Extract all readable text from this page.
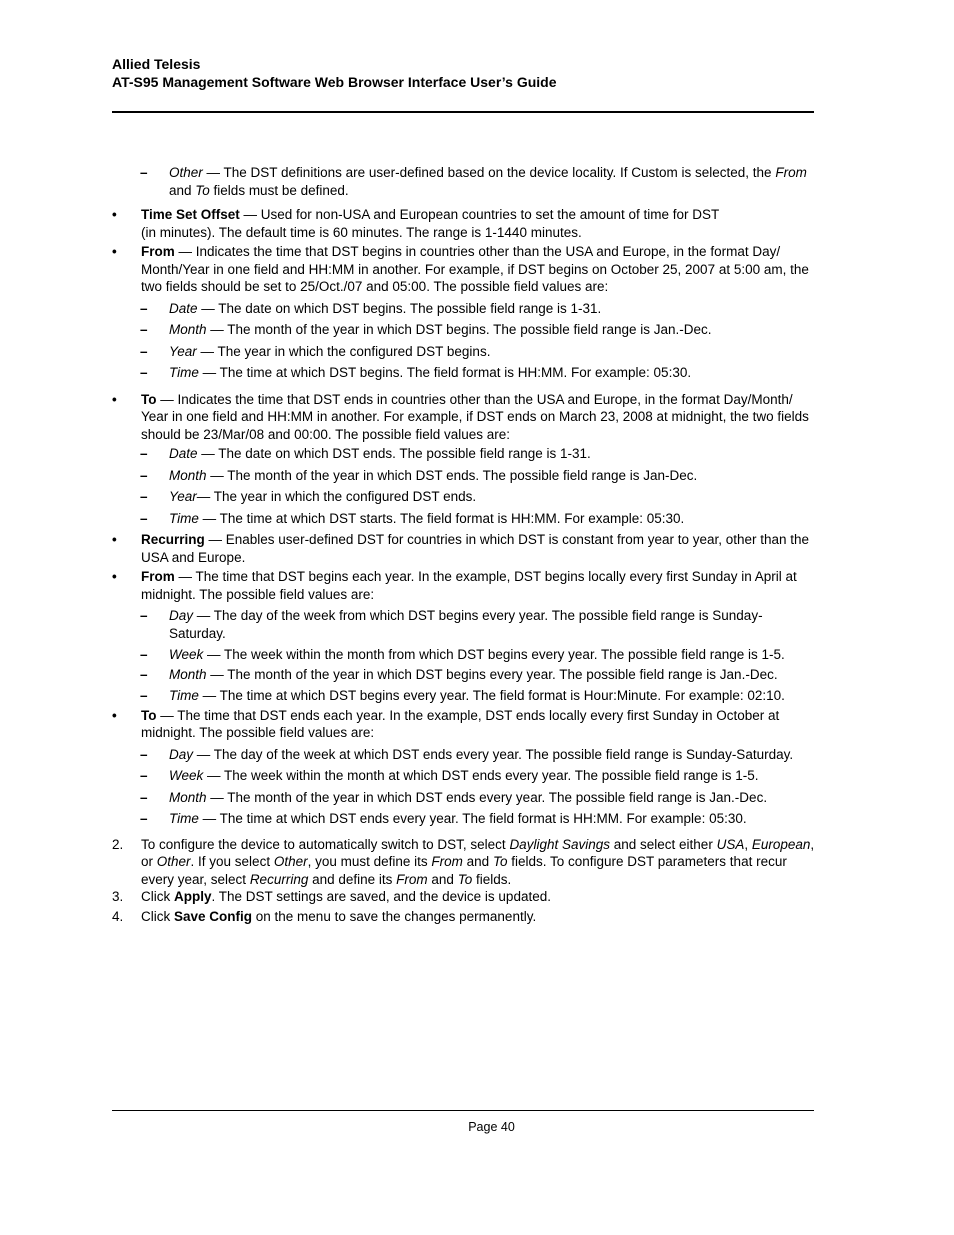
Allied Telesis
AT-S95 Management Software Web Browser Interface User’s Guide
– Other — The DST definitions are user-defined based on the device locality. If Custom is selected, the From and To fields must be defined.
• Time Set Offset — Used for non-USA and European countries to set the amount of time for DST
(in minutes). The default time is 60 minutes. The range is 1-1440 minutes.
• From — Indicates the time that DST begins in countries other than the USA and Europe, in the format Day/ Month/Year in one field and HH:MM in another. For example, if DST begins on October 25, 2007 at 5:00 am, the two fields should be set to 25/Oct./07 and 05:00. The possible field values are:
– Date — The date on which DST begins. The possible field range is 1-31.
– Month — The month of the year in which DST begins. The possible field range is Jan.-Dec.
– Year — The year in which the configured DST begins.
– Time — The time at which DST begins. The field format is HH:MM. For example: 05:30.
• To — Indicates the time that DST ends in countries other than the USA and Europe, in the format Day/Month/ Year in one field and HH:MM in another. For example, if DST ends on March 23, 2008 at midnight, the two fields should be 23/Mar/08 and 00:00. The possible field values are:
– Date — The date on which DST ends. The possible field range is 1-31.
– Month — The month of the year in which DST ends. The possible field range is Jan-Dec.
– Year— The year in which the configured DST ends.
– Time — The time at which DST starts. The field format is HH:MM. For example: 05:30.
• Recurring — Enables user-defined DST for countries in which DST is constant from year to year, other than the USA and Europe.
• From — The time that DST begins each year. In the example, DST begins locally every first Sunday in April at midnight. The possible field values are:
– Day — The day of the week from which DST begins every year. The possible field range is Sunday- Saturday.
– Week — The week within the month from which DST begins every year. The possible field range is 1-5.
– Month — The month of the year in which DST begins every year. The possible field range is Jan.-Dec.
– Time — The time at which DST begins every year. The field format is Hour:Minute. For example: 02:10.
• To — The time that DST ends each year. In the example, DST ends locally every first Sunday in October at midnight. The possible field values are:
– Day — The day of the week at which DST ends every year. The possible field range is Sunday-Saturday.
– Week — The week within the month at which DST ends every year. The possible field range is 1-5.
– Month — The month of the year in which DST ends every year. The possible field range is Jan.-Dec.
– Time — The time at which DST ends every year. The field format is HH:MM. For example: 05:30.
2. To configure the device to automatically switch to DST, select Daylight Savings and select either USA, European, or Other. If you select Other, you must define its From and To fields. To configure DST parameters that recur every year, select Recurring and define its From and To fields.
3. Click Apply. The DST settings are saved, and the device is updated.
4. Click Save Config on the menu to save the changes permanently.
Page 40
